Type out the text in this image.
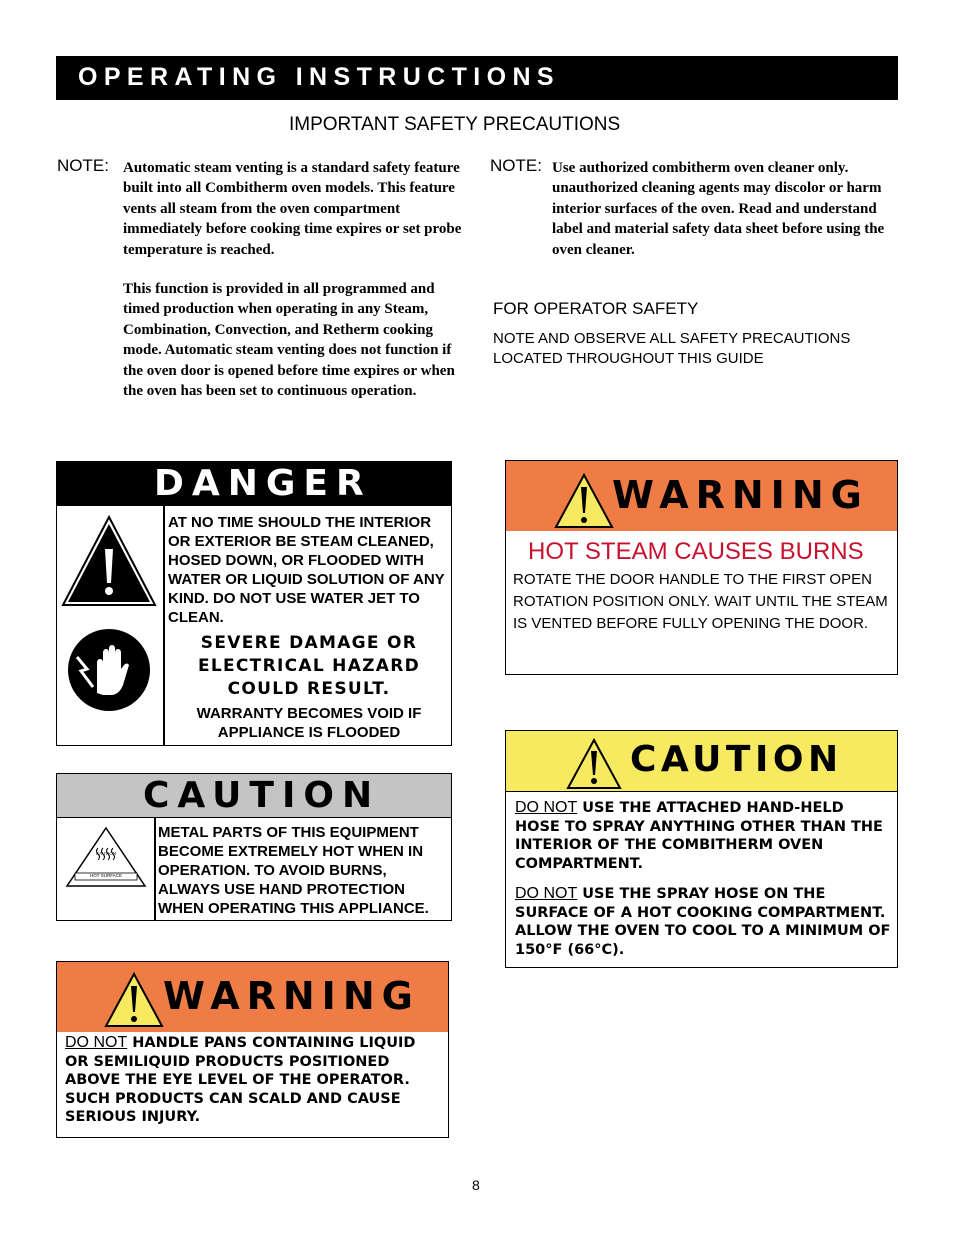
OPERATING INSTRUCTIONS
IMPORTANT SAFETY PRECAUTIONS
NOTE: Automatic steam venting is a standard safety feature built into all Combitherm oven models. This feature vents all steam from the oven compartment immediately before cooking time expires or set probe temperature is reached.
This function is provided in all programmed and timed production when operating in any Steam, Combination, Convection, and Retherm cooking mode. Automatic steam venting does not function if the oven door is opened before time expires or when the oven has been set to continuous operation.
NOTE: Use authorized combitherm oven cleaner only. unauthorized cleaning agents may discolor or harm interior surfaces of the oven. Read and understand label and material safety data sheet before using the oven cleaner.
FOR OPERATOR SAFETY
NOTE AND OBSERVE ALL SAFETY PRECAUTIONS LOCATED THROUGHOUT THIS GUIDE
DANGER
AT NO TIME SHOULD THE INTERIOR OR EXTERIOR BE STEAM CLEANED, HOSED DOWN, OR FLOODED WITH WATER OR LIQUID SOLUTION OF ANY KIND. DO NOT USE WATER JET TO CLEAN.
SEVERE DAMAGE OR ELECTRICAL HAZARD COULD RESULT.
WARRANTY BECOMES VOID IF APPLIANCE IS FLOODED
CAUTION
CAUTION
HOT SURFACE
METAL PARTS OF THIS EQUIPMENT BECOME EXTREMELY HOT WHEN IN OPERATION. TO AVOID BURNS, ALWAYS USE HAND PROTECTION WHEN OPERATING THIS APPLIANCE.
WARNING
DO NOT HANDLE PANS CONTAINING LIQUID OR SEMILIQUID PRODUCTS POSITIONED ABOVE THE EYE LEVEL OF THE OPERATOR. SUCH PRODUCTS CAN SCALD AND CAUSE SERIOUS INJURY.
WARNING
HOT STEAM CAUSES BURNS
ROTATE THE DOOR HANDLE TO THE FIRST OPEN ROTATION POSITION ONLY. WAIT UNTIL THE STEAM IS VENTED BEFORE FULLY OPENING THE DOOR.
CAUTION
DO NOT USE THE ATTACHED HAND-HELD HOSE TO SPRAY ANYTHING OTHER THAN THE INTERIOR OF THE COMBITHERM OVEN COMPARTMENT.
DO NOT USE THE SPRAY HOSE ON THE SURFACE OF A HOT COOKING COMPARTMENT. ALLOW THE OVEN TO COOL TO A MINIMUM OF 150°F (66°C).
8
